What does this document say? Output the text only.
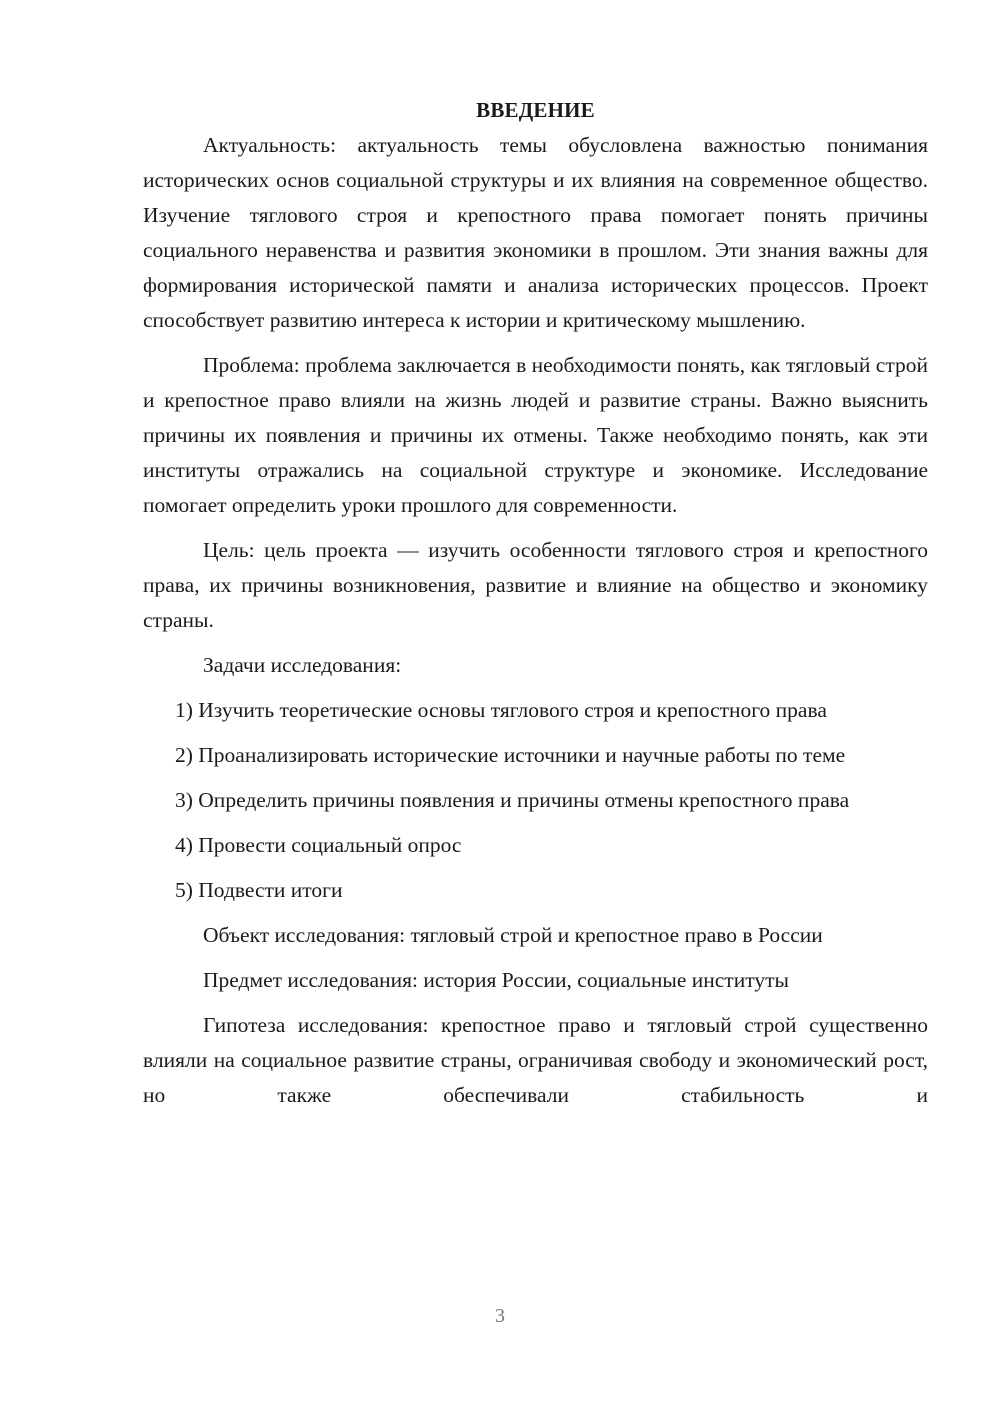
ВВЕДЕНИЕ

Актуальность: актуальность темы обусловлена важностью понимания исторических основ социальной структуры и их влияния на современное общество. Изучение тяглового строя и крепостного права помогает понять причины социального неравенства и развития экономики в прошлом. Эти знания важны для формирования исторической памяти и анализа исторических процессов. Проект способствует развитию интереса к истории и критическому мышлению.

Проблема: проблема заключается в необходимости понять, как тягловый строй и крепостное право влияли на жизнь людей и развитие страны. Важно выяснить причины их появления и причины их отмены. Также необходимо понять, как эти институты отражались на социальной структуре и экономике. Исследование помогает определить уроки прошлого для современности.

Цель: цель проекта — изучить особенности тяглового строя и крепостного права, их причины возникновения, развитие и влияние на общество и экономику страны.

Задачи исследования:

1) Изучить теоретические основы тяглового строя и крепостного права

2) Проанализировать исторические источники и научные работы по теме

3) Определить причины появления и причины отмены крепостного права

4) Провести социальный опрос

5) Подвести итоги

Объект исследования: тягловый строй и крепостное право в России

Предмет исследования: история России, социальные институты

Гипотеза исследования: крепостное право и тягловый строй существенно влияли на социальное развитие страны, ограничивая свободу и экономический рост, но также обеспечивали стабильность и

3
